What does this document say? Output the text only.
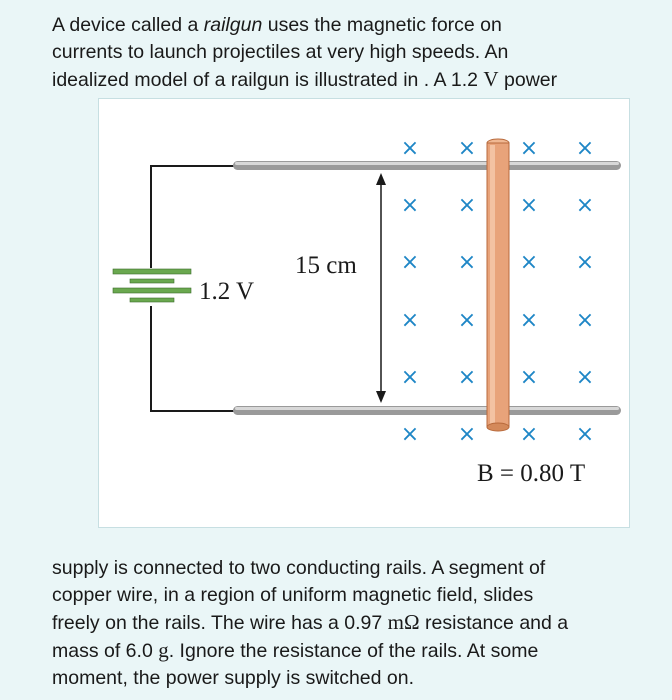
A device called a railgun uses the magnetic force on
currents to launch projectiles at very high speeds. An
idealized model of a railgun is illustrated in . A 1.2 V power

1.2 V
15 cm
× × × ×
× × × ×
× × × ×
× × × ×
× × × ×
× × × ×
B = 0.80 T

supply is connected to two conducting rails. A segment of
copper wire, in a region of uniform magnetic field, slides
freely on the rails. The wire has a 0.97 mΩ resistance and a
mass of 6.0 g. Ignore the resistance of the rails. At some
moment, the power supply is switched on.
